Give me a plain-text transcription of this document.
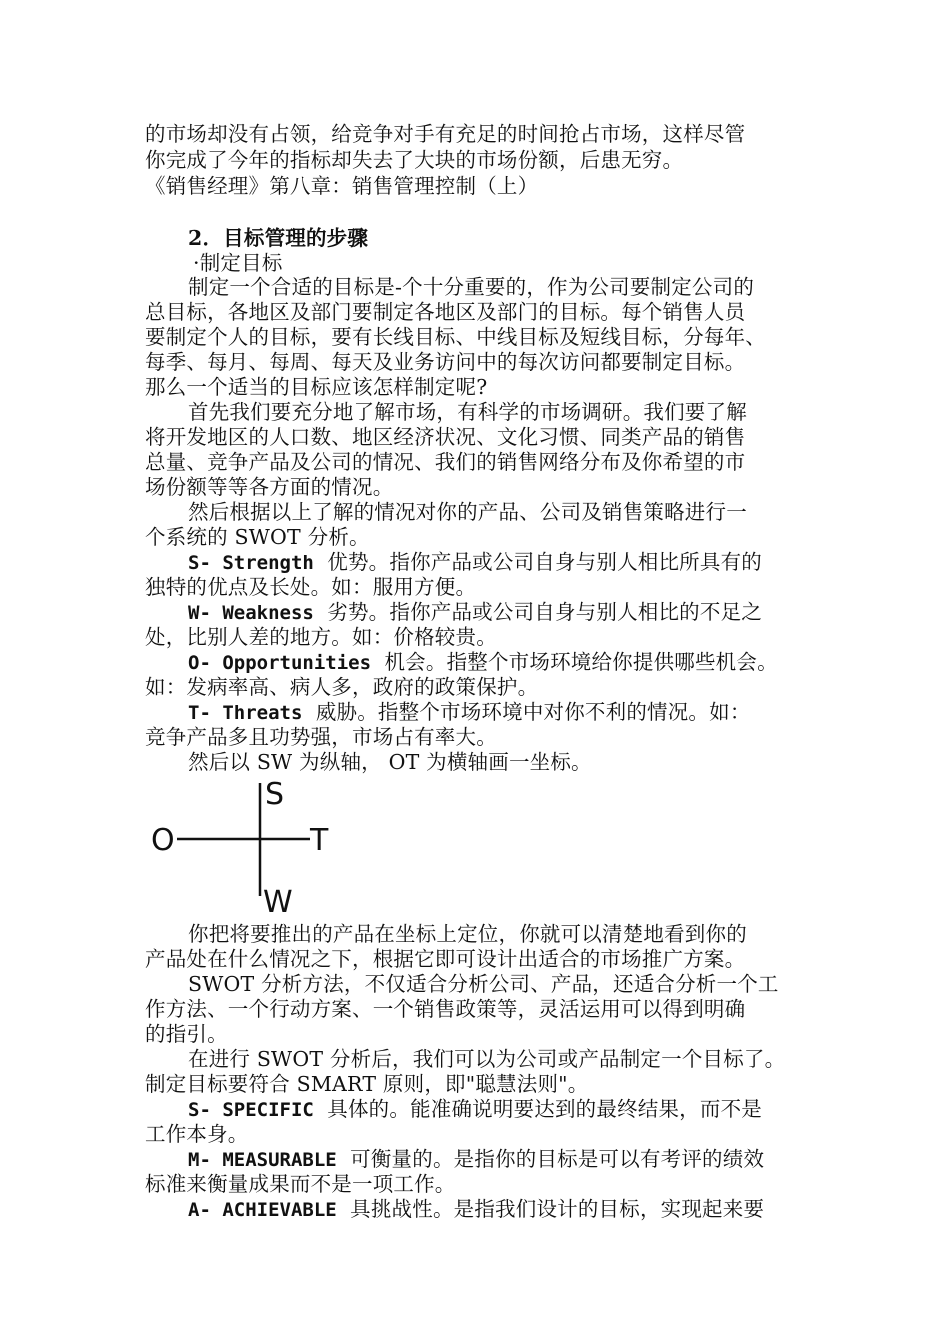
的市场却没有占领，给竞争对手有充足的时间抢占市场，这样尽管
你完成了今年的指标却失去了大块的市场份额，后患无穷。
《销售经理》第八章：销售管理控制（上）
2．目标管理的步骤
·制定目标
制定一个合适的目标是-个十分重要的，作为公司要制定公司的
总目标，各地区及部门要制定各地区及部门的目标。每个销售人员
要制定个人的目标，要有长线目标、中线目标及短线目标，分每年、
每季、每月、每周、每天及业务访问中的每次访问都要制定目标。
那么一个适当的目标应该怎样制定呢?
首先我们要充分地了解市场，有科学的市场调研。我们要了解
将开发地区的人口数、地区经济状况、文化习惯、同类产品的销售
总量、竞争产品及公司的情况、我们的销售网络分布及你希望的市
场份额等等各方面的情况。
然后根据以上了解的情况对你的产品、公司及销售策略进行一
个系统的 SWOT 分析。
S- Strength 优势。指你产品或公司自身与别人相比所具有的
独特的优点及长处。如：服用方便。
W- Weakness 劣势。指你产品或公司自身与别人相比的不足之
处，比别人差的地方。如：价格较贵。
O- Opportunities 机会。指整个市场环境给你提供哪些机会。
如：发病率高、病人多，政府的政策保护。
T- Threats 威胁。指整个市场环境中对你不利的情况。如：
竞争产品多且功势强，市场占有率大。
然后以 SW 为纵轴， OT 为横轴画一坐标。
S
W
O	T
你把将要推出的产品在坐标上定位，你就可以清楚地看到你的
产品处在什么情况之下，根据它即可设计出适合的市场推广方案。
SWOT 分析方法，不仅适合分析公司、产品，还适合分析一个工
作方法、一个行动方案、一个销售政策等，灵活运用可以得到明确
的指引。
在进行 SWOT 分析后，我们可以为公司或产品制定一个目标了。
制定目标要符合 SMART 原则，即"聪慧法则"。
S- SPECIFIC 具体的。能准确说明要达到的最终结果，而不是
工作本身。
M- MEASURABLE 可衡量的。是指你的目标是可以有考评的绩效
标准来衡量成果而不是一项工作。
A- ACHIEVABLE 具挑战性。是指我们设计的目标，实现起来要
